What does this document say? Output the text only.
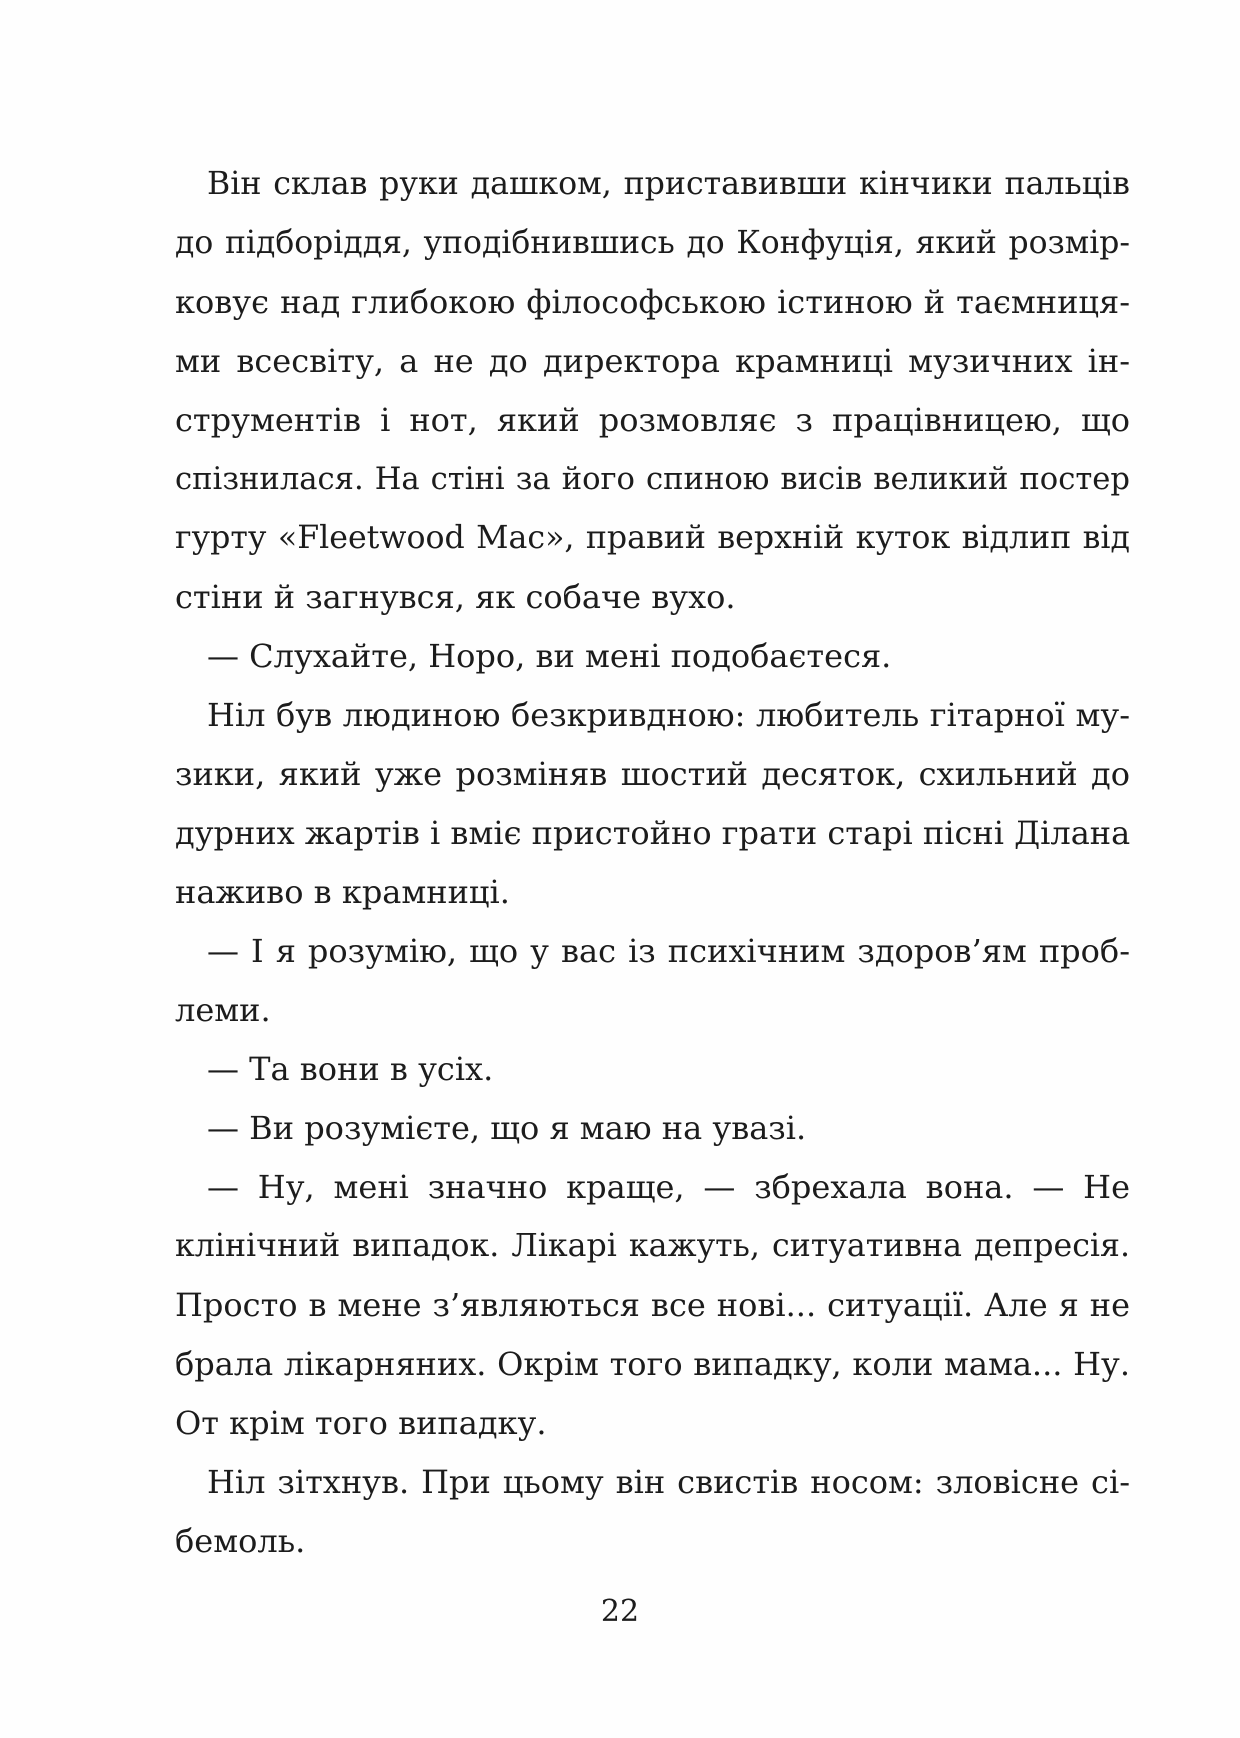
Він склав руки дашком, приставивши кінчики пальців
до підборіддя, уподібнившись до Конфуція, який розмір-
ковує над глибокою філософською істиною й таємниця-
ми всесвіту, а не до директора крамниці музичних ін-
струментів і нот, який розмовляє з працівницею, що
спізнилася. На стіні за його спиною висів великий постер
гурту «Fleetwood Mac», правий верхній куток відлип від
стіни й загнувся, як собаче вухо.
— Слухайте, Норо, ви мені подобаєтеся.
Ніл був людиною безкривдною: любитель гітарної му-
зики, який уже розміняв шостий десяток, схильний до
дурних жартів і вміє пристойно грати старі пісні Ділана
наживо в крамниці.
— І я розумію, що у вас із психічним здоров’ям проб-
леми.
— Та вони в усіх.
— Ви розумієте, що я маю на увазі.
— Ну, мені значно краще, — збрехала вона. — Не
клінічний випадок. Лікарі кажуть, ситуативна депресія.
Просто в мене з’являються все нові... ситуації. Але я не
брала лікарняних. Окрім того випадку, коли мама... Ну.
От крім того випадку.
Ніл зітхнув. При цьому він свистів носом: зловісне сі-
бемоль.
22
